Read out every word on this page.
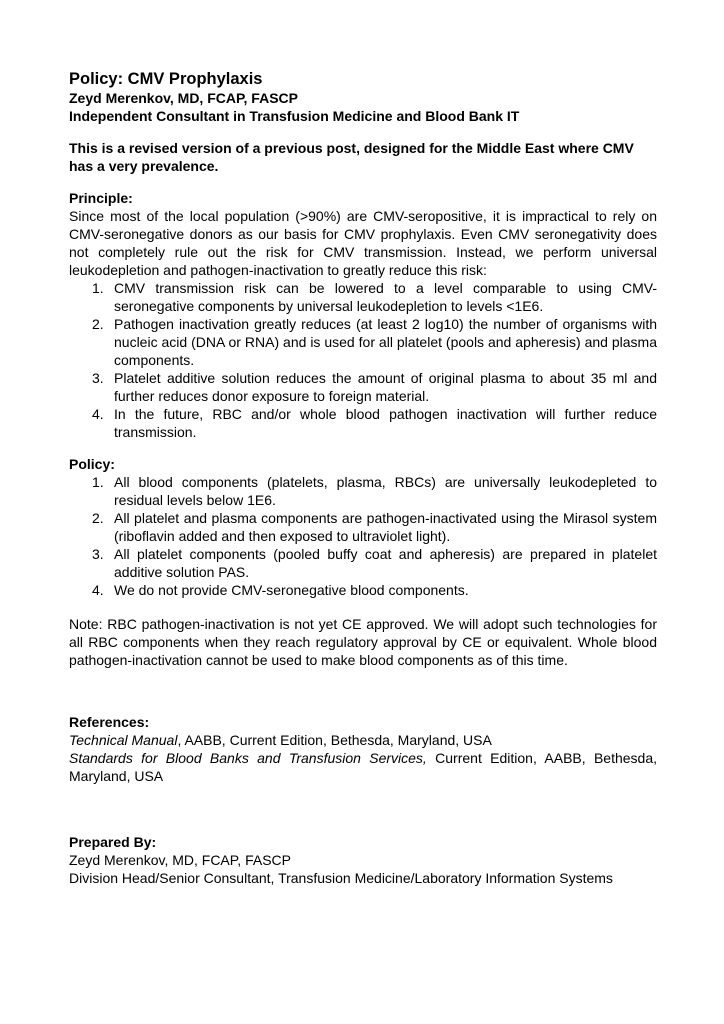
Policy: CMV Prophylaxis

Zeyd Merenkov, MD, FCAP, FASCP

Independent Consultant in Transfusion Medicine and Blood Bank IT

This is a revised version of a previous post, designed for the Middle East where CMV has a very prevalence.

Principle:

Since most of the local population (>90%) are CMV-seropositive, it is impractical to rely on CMV-seronegative donors as our basis for CMV prophylaxis. Even CMV seronegativity does not completely rule out the risk for CMV transmission. Instead, we perform universal leukodepletion and pathogen-inactivation to greatly reduce this risk:

1. CMV transmission risk can be lowered to a level comparable to using CMV-seronegative components by universal leukodepletion to levels <1E6.
2. Pathogen inactivation greatly reduces (at least 2 log10) the number of organisms with nucleic acid (DNA or RNA) and is used for all platelet (pools and apheresis) and plasma components.
3. Platelet additive solution reduces the amount of original plasma to about 35 ml and further reduces donor exposure to foreign material.
4. In the future, RBC and/or whole blood pathogen inactivation will further reduce transmission.

Policy:

1. All blood components (platelets, plasma, RBCs) are universally leukodepleted to residual levels below 1E6.
2. All platelet and plasma components are pathogen-inactivated using the Mirasol system (riboflavin added and then exposed to ultraviolet light).
3. All platelet components (pooled buffy coat and apheresis) are prepared in platelet additive solution PAS.
4. We do not provide CMV-seronegative blood components.

Note: RBC pathogen-inactivation is not yet CE approved. We will adopt such technologies for all RBC components when they reach regulatory approval by CE or equivalent. Whole blood pathogen-inactivation cannot be used to make blood components as of this time.

References:

Technical Manual, AABB, Current Edition, Bethesda, Maryland, USA

Standards for Blood Banks and Transfusion Services, Current Edition, AABB, Bethesda, Maryland, USA

Prepared By:

Zeyd Merenkov, MD, FCAP, FASCP

Division Head/Senior Consultant, Transfusion Medicine/Laboratory Information Systems
